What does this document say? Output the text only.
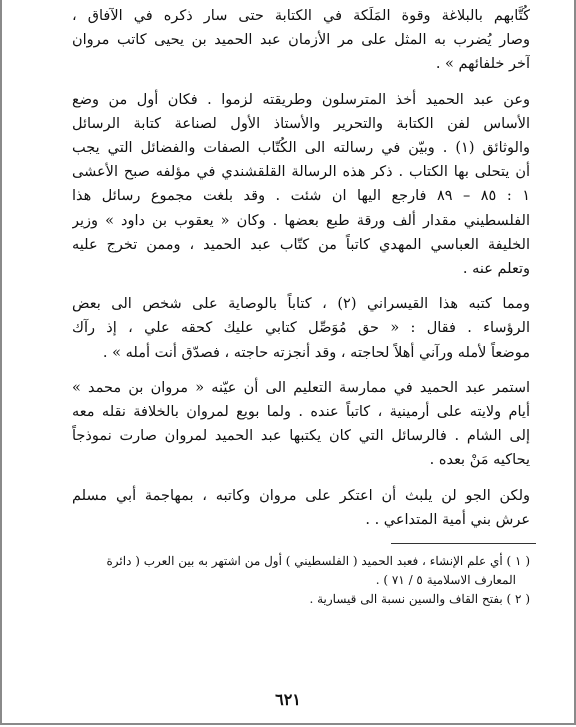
كُتَّابهم بالبلاغة وقوة المَلَكة في الكتابة حتى سار ذكره في الآفاق ،

وصار يُضرب به المثل على مر الأزمان عبد الحميد بن يحيى كاتب مروان

آخر خلفائهم » .

وعن عبد الحميد أخذ المترسلون وطريقته لزموا . فكان أول من وضع

الأساس لفن الكتابة والتحرير والأستاذ الأول لصناعة كتابة الرسائل

والوثائق (١) . وبيّن في رسالته الى الكُتّاب الصفات والفضائل التي يجب

أن يتحلى بها الكتاب . ذكر هذه الرسالة القلقشندي في مؤلفه صبح الأعشى

١ : ٨٥ – ٨٩ فارجع اليها ان شئت . وقد بلغت مجموع رسائل هذا

الفلسطيني مقدار ألف ورقة طبع بعضها . وكان « يعقوب بن داود » وزير

الخليفة العباسي المهدي كاتباً من كتّاب عبد الحميد ، وممن تخرج عليه

وتعلم عنه .

ومما كتبه هذا القيسراني (٢) ، كتاباً بالوصاية على شخص الى بعض

الرؤساء . فقال : « حق مُوَصِّل كتابي عليك كحقه علي ، إذ رآك

موضعاً لأمله ورآني أهلاً لحاجته ، وقد أنجزته حاجته ، فصدّق أنت أمله » .

استمر عبد الحميد في ممارسة التعليم الى أن عيّنه « مروان بن محمد »

أيام ولايته على أرمينية ، كاتباً عنده . ولما بويع لمروان بالخلافة نقله معه

إلى الشام . فالرسائل التي كان يكتبها عبد الحميد لمروان صارت نموذجاً

يحاكيه مَنْ بعده .

ولكن الجو لن يلبث أن اعتكر على مروان وكاتبه ، بمهاجمة أبي مسلم

عرش بني أمية المتداعي . .

( ١ ) أي علم الإنشاء ، فعبد الحميد ( الفلسطيني ) أول من اشتهر به بين العرب ( دائرة

المعارف الاسلامية ٥ / ٧١ ) .

( ٢ ) بفتح القاف والسين نسبة الى قيسارية .

٦٢١
